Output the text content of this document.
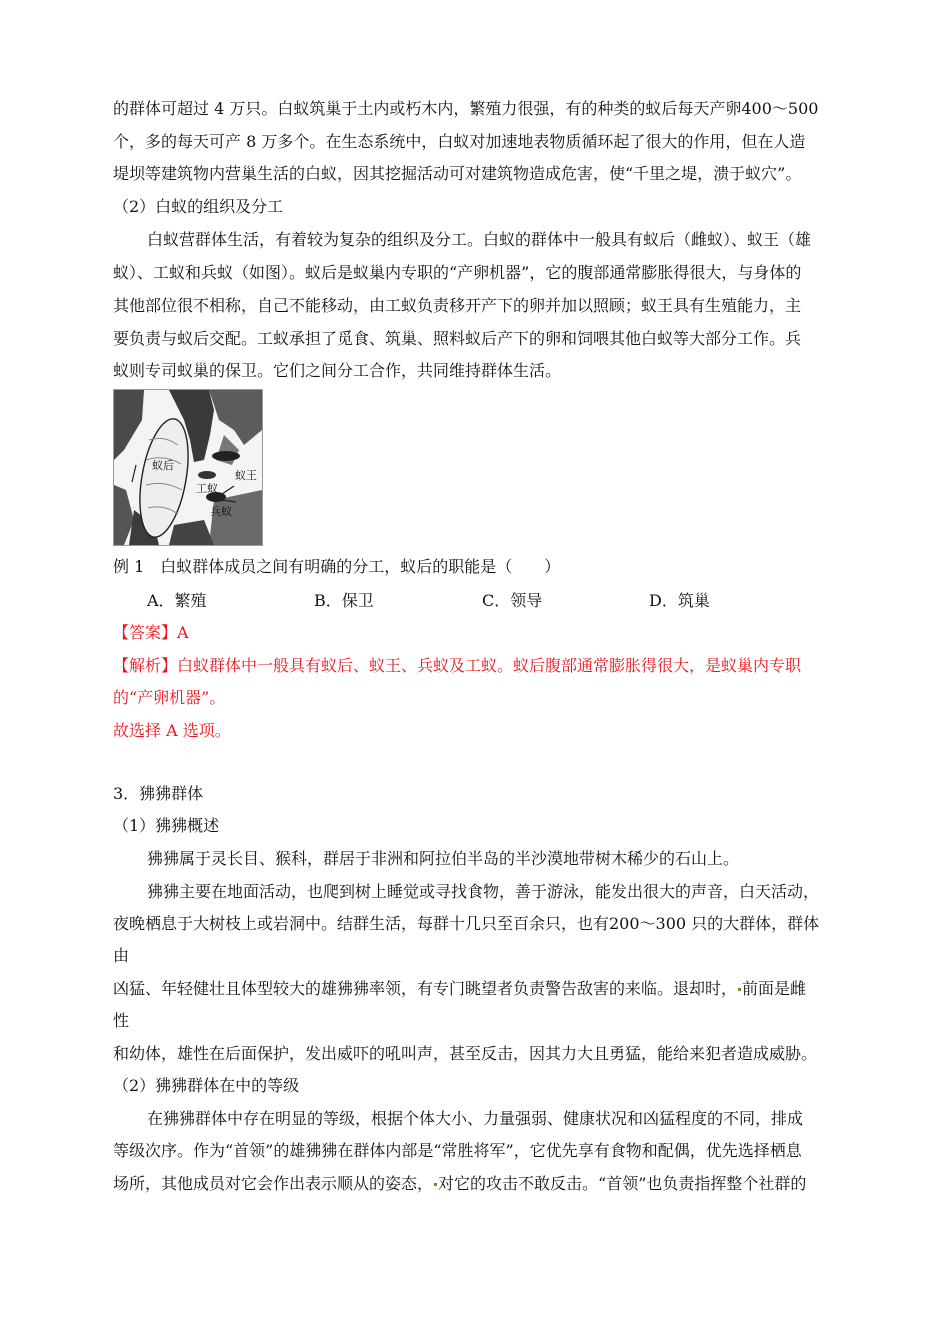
的群体可超过 4 万只。白蚁筑巢于土内或朽木内，繁殖力很强，有的种类的蚁后每天产卵400～500
个，多的每天可产 8 万多个。在生态系统中，白蚁对加速地表物质循环起了很大的作用，但在人造
堤坝等建筑物内营巢生活的白蚁，因其挖掘活动可对建筑物造成危害，使“千里之堤，溃于蚁穴”。
（2）白蚁的组织及分工
白蚁营群体生活，有着较为复杂的组织及分工。白蚁的群体中一般具有蚁后（雌蚁）、蚁王（雄
蚁）、工蚁和兵蚁（如图）。蚁后是蚁巢内专职的“产卵机器”，它的腹部通常膨胀得很大，与身体的
其他部位很不相称，自己不能移动，由工蚁负责移开产下的卵并加以照顾；蚁王具有生殖能力，主
要负责与蚁后交配。工蚁承担了觅食、筑巢、照料蚁后产下的卵和饲喂其他白蚁等大部分工作。兵
蚁则专司蚁巢的保卫。它们之间分工合作，共同维持群体生活。
蚁后
蚁王
工蚁
兵蚁
例 1　白蚁群体成员之间有明确的分工，蚁后的职能是（　　）
A．繁殖	B．保卫	C．领导	D．筑巢
【答案】A
【解析】白蚁群体中一般具有蚁后、蚁王、兵蚁及工蚁。蚁后腹部通常膨胀得很大，是蚁巢内专职
的“产卵机器”。
故选择 A 选项。
3．狒狒群体
（1）狒狒概述
狒狒属于灵长目、猴科，群居于非洲和阿拉伯半岛的半沙漠地带树木稀少的石山上。
狒狒主要在地面活动，也爬到树上睡觉或寻找食物，善于游泳，能发出很大的声音，白天活动，
夜晚栖息于大树枝上或岩洞中。结群生活，每群十几只至百余只，也有200～300 只的大群体，群体
由
凶猛、年轻健壮且体型较大的雄狒狒率领，有专门眺望者负责警告敌害的来临。退却时， 前面是雌
性
和幼体，雄性在后面保护，发出威吓的吼叫声，甚至反击，因其力大且勇猛，能给来犯者造成威胁。
（2）狒狒群体在中的等级
在狒狒群体中存在明显的等级，根据个体大小、力量强弱、健康状况和凶猛程度的不同，排成
等级次序。作为“首领”的雄狒狒在群体内部是“常胜将军”，它优先享有食物和配偶，优先选择栖息
场所，其他成员对它会作出表示顺从的姿态， 对它的攻击不敢反击。“首领”也负责指挥整个社群的
